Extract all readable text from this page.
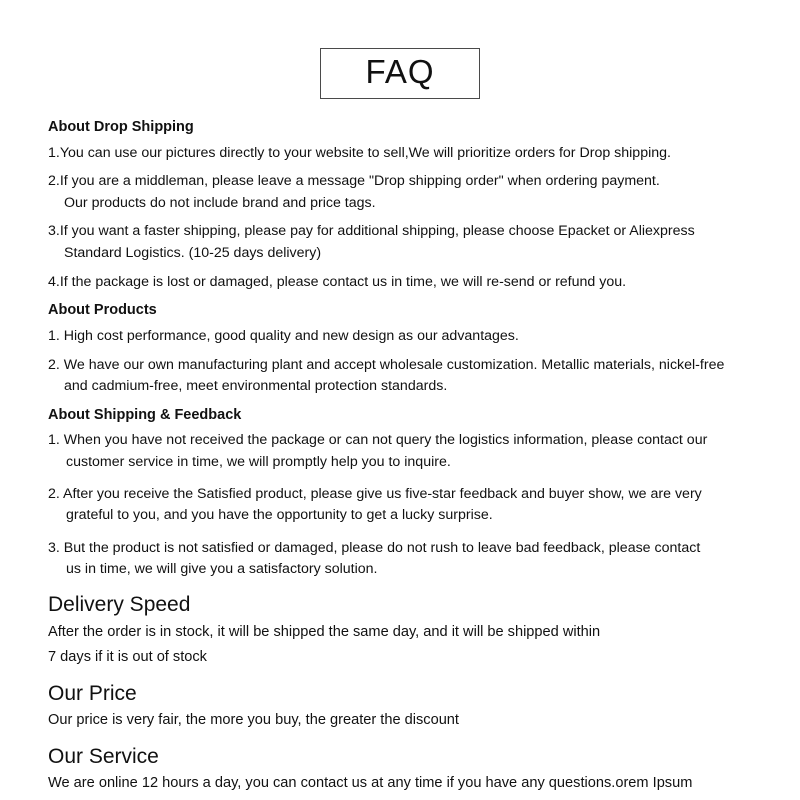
FAQ
About Drop Shipping

1.You can use our pictures directly to your website to sell,We will prioritize orders for Drop shipping.

2.If you are a middleman, please leave a message "Drop shipping order" when ordering payment.
Our products do not include brand and price tags.

3.If you want a faster shipping, please pay for additional shipping, please choose Epacket or Aliexpress
Standard Logistics. (10-25 days delivery)

4.If the package is lost or damaged, please contact us in time, we will re-send or refund you.

About Products

1. High cost performance, good quality and new design as our advantages.

2. We have our own manufacturing plant and accept wholesale customization. Metallic materials, nickel-free
and cadmium-free, meet environmental protection standards.

About Shipping & Feedback

1. When you have not received the package or can not query the logistics information, please contact our
customer service in time, we will promptly help you to inquire.

2. After you receive the Satisfied product, please give us five-star feedback and buyer show, we are very
grateful to you, and you have the opportunity to get a lucky surprise.

3. But the product is not satisfied or damaged, please do not rush to leave bad feedback, please contact
us in time, we will give you a satisfactory solution.

Delivery Speed

After the order is in stock, it will be shipped the same day, and it will be shipped within

7 days if it is out of stock

Our Price

Our price is very fair, the more you buy, the greater the discount

Our Service

We are online 12 hours a day, you can contact us at any time if you have any questions.orem Ipsum
